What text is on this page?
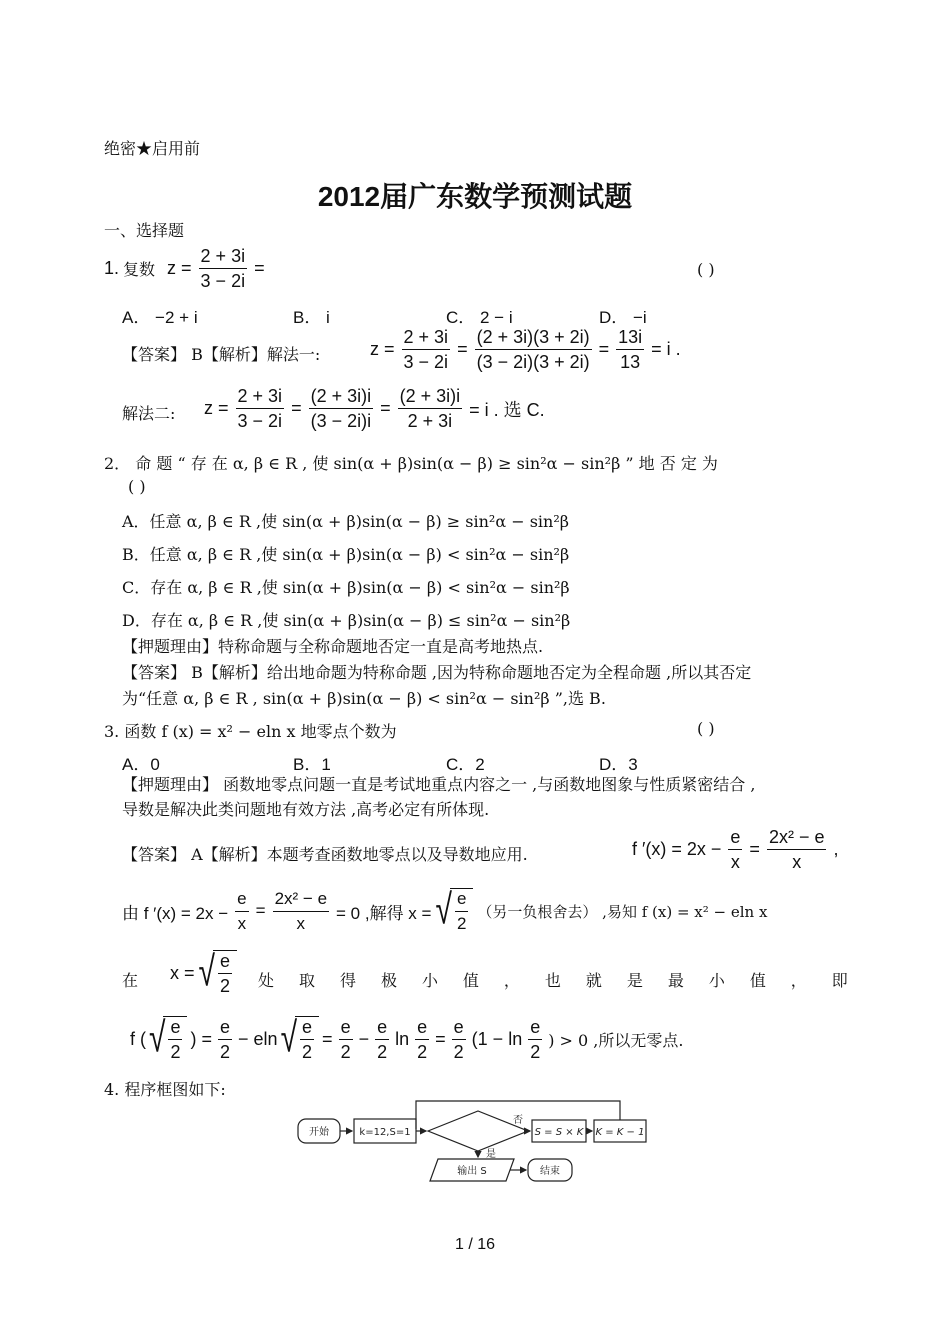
绝密★启用前
2012届广东数学预测试题
一、选择题
1. 复数 $z = \frac{2 + 3i}{3 - 2i}$ =	( )
A． −2 + i	B． i	C． 2 − i	D． −i
【答案】 B【解析】解法一:	$z = \frac{2 + 3i}{3 - 2i} = \frac{(2 + 3i)(3 + 2i)}{(3 - 2i)(3 + 2i)} = \frac{13i}{13} = i$ .
解法二: $z = \frac{2 + 3i}{3 - 2i} = \frac{(2 + 3i)i}{(3 - 2i)i} = \frac{(2 + 3i)i}{2 + 3i} = i$ . 选 C.
2． 命 题 “ 存 在 α, β ∈ R , 使 sin(α + β)sin(α − β) ≥ sin²α − sin²β ” 地 否 定 为
( )
A．任意 α, β ∈ R ,使 sin(α + β)sin(α − β) ≥ sin²α − sin²β
B．任意 α, β ∈ R ,使 sin(α + β)sin(α − β) < sin²α − sin²β
C．存在 α, β ∈ R ,使 sin(α + β)sin(α − β) < sin²α − sin²β
D．存在 α, β ∈ R ,使 sin(α + β)sin(α − β) ≤ sin²α − sin²β
【押题理由】特称命题与全称命题地否定一直是高考地热点.
【答案】 B【解析】给出地命题为特称命题 ,因为特称命题地否定为全程命题 ,所以其否定
为“任意 α, β ∈ R , sin(α + β)sin(α − β) < sin²α − sin²β ”,选 B.
3. 函数 f (x) = x² − eln x 地零点个数为	( )
A．0	B．1	C．2	D．3
【押题理由】 函数地零点问题一直是考试地重点内容之一 ,与函数地图象与性质紧密结合 ,
导数是解决此类问题地有效方法 ,高考必定有所体现.
【答案】 A【解析】本题考查函数地零点以及导数地应用.	f $'(x) = 2x - \frac{e}{x} = \frac{\text{2x² − e}}{x}$ ,
由 f $'(x) = 2x - \frac{e}{x} = \frac{\text{2x² − e}}{x} = 0$ ,解得 x = √ $\frac{e}{2}$ （另一负根舍去） ,易知 f (x) = x² − eln x
在 x = √ $\frac{e}{2}$ 处 取 得 极 小 值 ， 也 就 是 最 小 值 ， 即
f ( √ $\frac{e}{2}$ ) = $\frac{e}{2} - eln$ √ $\frac{e}{2} = \frac{e}{2} - \frac{e}{2}$ $\ln \frac{e}{2} = \frac{e}{2} (1 - \ln \frac{e}{2}$ ) > 0 ,所以无零点.
4. 程序框图如下:
开始	k=12,S=1
否
是
S = S × K K = K − 1
输出 S	结束
1 / 16
